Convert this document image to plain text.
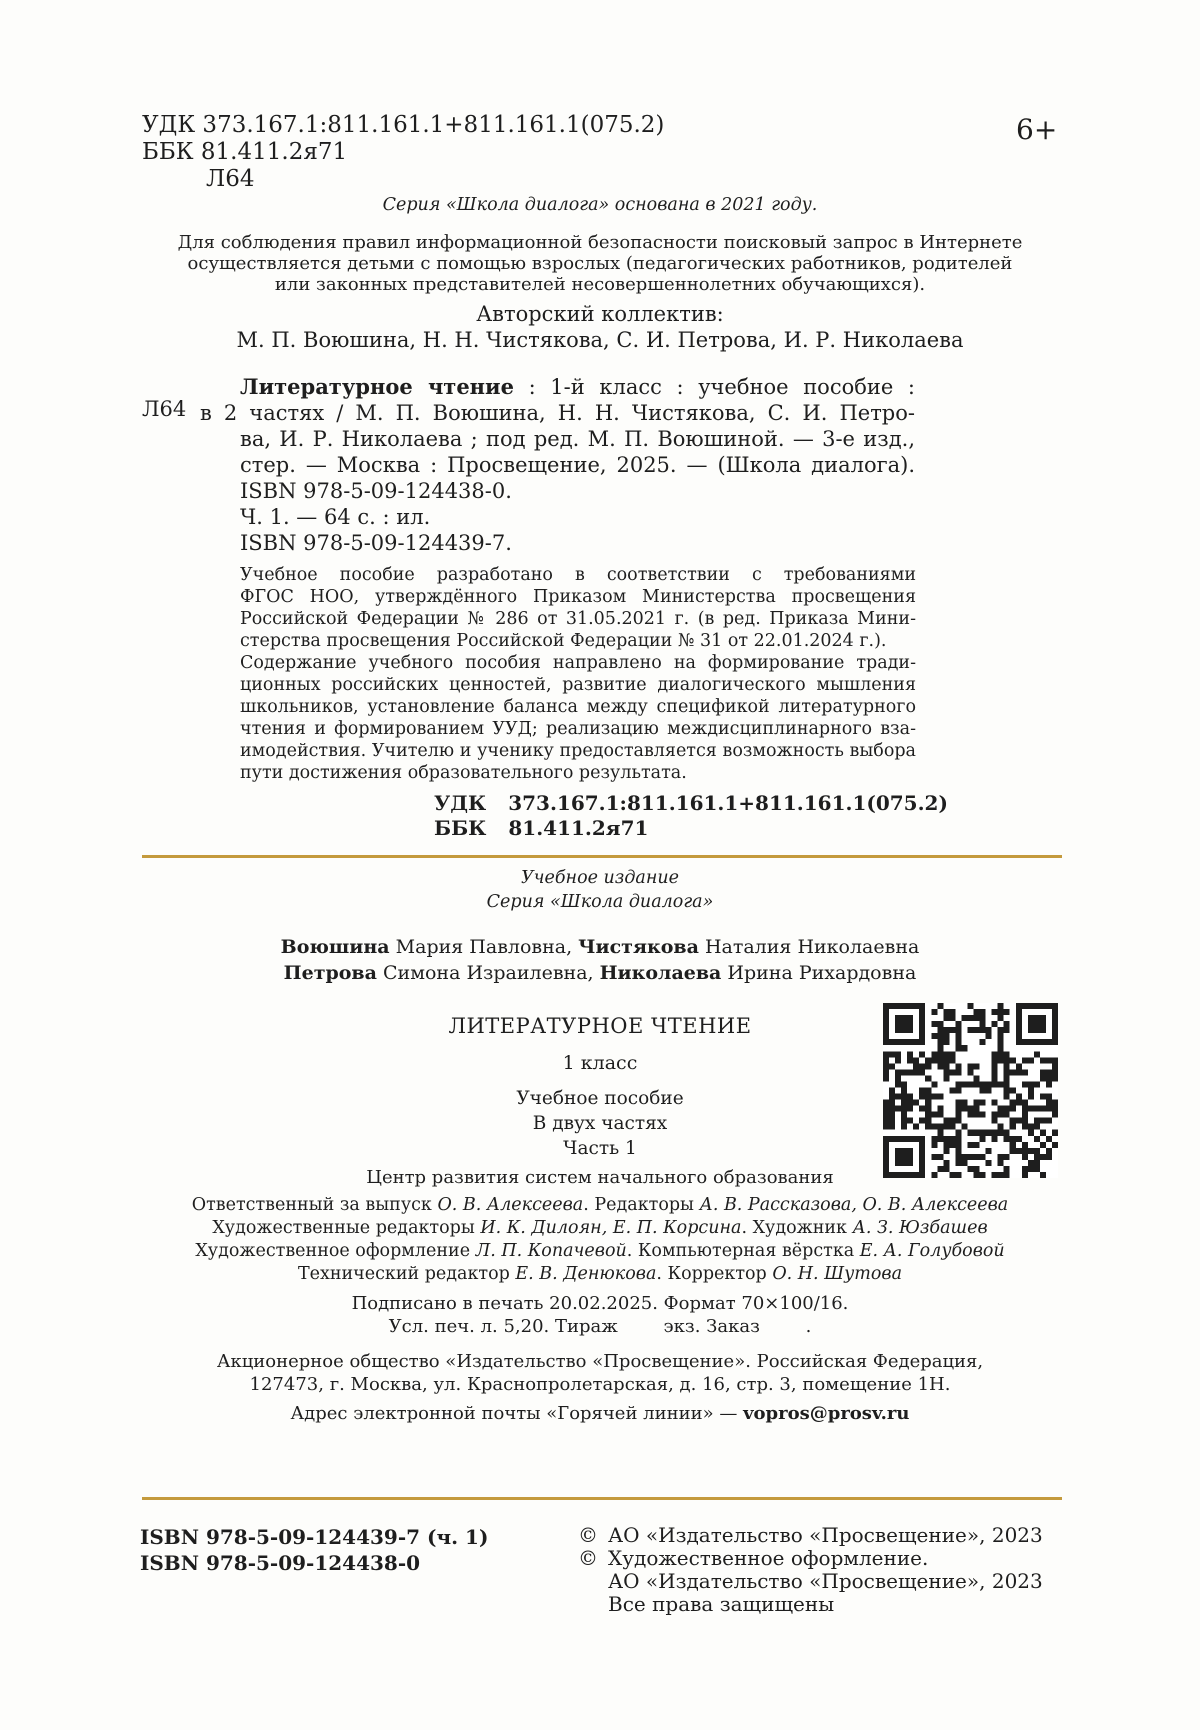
УДК 373.167.1:811.161.1+811.161.1(075.2)
ББК 81.411.2я71
Л64
6+
Серия «Школа диалога» основана в 2021 году.
Для соблюдения правил информационной безопасности поисковый запрос в Интернете
осуществляется детьми с помощью взрослых (педагогических работников, родителей
или законных представителей несовершеннолетних обучающихся).
Авторский коллектив:
М. П. Воюшина, Н. Н. Чистякова, С. И. Петрова, И. Р. Николаева
Л64
Литературное чтение : 1-й класс : учебное пособие :
в 2 частях / М. П. Воюшина, Н. Н. Чистякова, С. И. Петро-
ва, И. Р. Николаева ; под ред. М. П. Воюшиной. — 3-е изд.,
стер. — Москва : Просвещение, 2025. — (Школа диалога).
ISBN 978-5-09-124438-0.
Ч. 1. — 64 с. : ил.
ISBN 978-5-09-124439-7.
Учебное пособие разработано в соответствии с требованиями
ФГОС НОО, утверждённого Приказом Министерства просвещения
Российской Федерации № 286 от 31.05.2021 г. (в ред. Приказа Мини-
стерства просвещения Российской Федерации № 31 от 22.01.2024 г.).
Содержание учебного пособия направлено на формирование тради-
ционных российских ценностей, развитие диалогического мышления
школьников, установление баланса между спецификой литературного
чтения и формированием УУД; реализацию междисциплинарного вза-
имодействия. Учителю и ученику предоставляется возможность выбора
пути достижения образовательного результата.
УДК 373.167.1:811.161.1+811.161.1(075.2)
ББК 81.411.2я71
Учебное издание
Серия «Школа диалога»
Воюшина Мария Павловна, Чистякова Наталия Николаевна
Петрова Симона Израилевна, Николаева Ирина Рихардовна
ЛИТЕРАТУРНОЕ ЧТЕНИЕ
1 класс
Учебное пособие
В двух частях
Часть 1
Центр развития систем начального образования
Ответственный за выпуск О. В. Алексеева. Редакторы А. В. Рассказова, О. В. Алексеева
Художественные редакторы И. К. Дилоян, Е. П. Корсина. Художник А. З. Юзбашев
Художественное оформление Л. П. Копачевой. Компьютерная вёрстка Е. А. Голубовой
Технический редактор Е. В. Денюкова. Корректор О. Н. Шутова
Подписано в печать 20.02.2025. Формат 70×100/16.
Усл. печ. л. 5,20. Тираж        экз. Заказ        .
Акционерное общество «Издательство «Просвещение». Российская Федерация,
127473, г. Москва, ул. Краснопролетарская, д. 16, стр. 3, помещение 1Н.
Адрес электронной почты «Горячей линии» — vopros@prosv.ru
ISBN 978-5-09-124439-7 (ч. 1)
ISBN 978-5-09-124438-0
© АО «Издательство «Просвещение», 2023
© Художественное оформление.
АО «Издательство «Просвещение», 2023
Все права защищены
